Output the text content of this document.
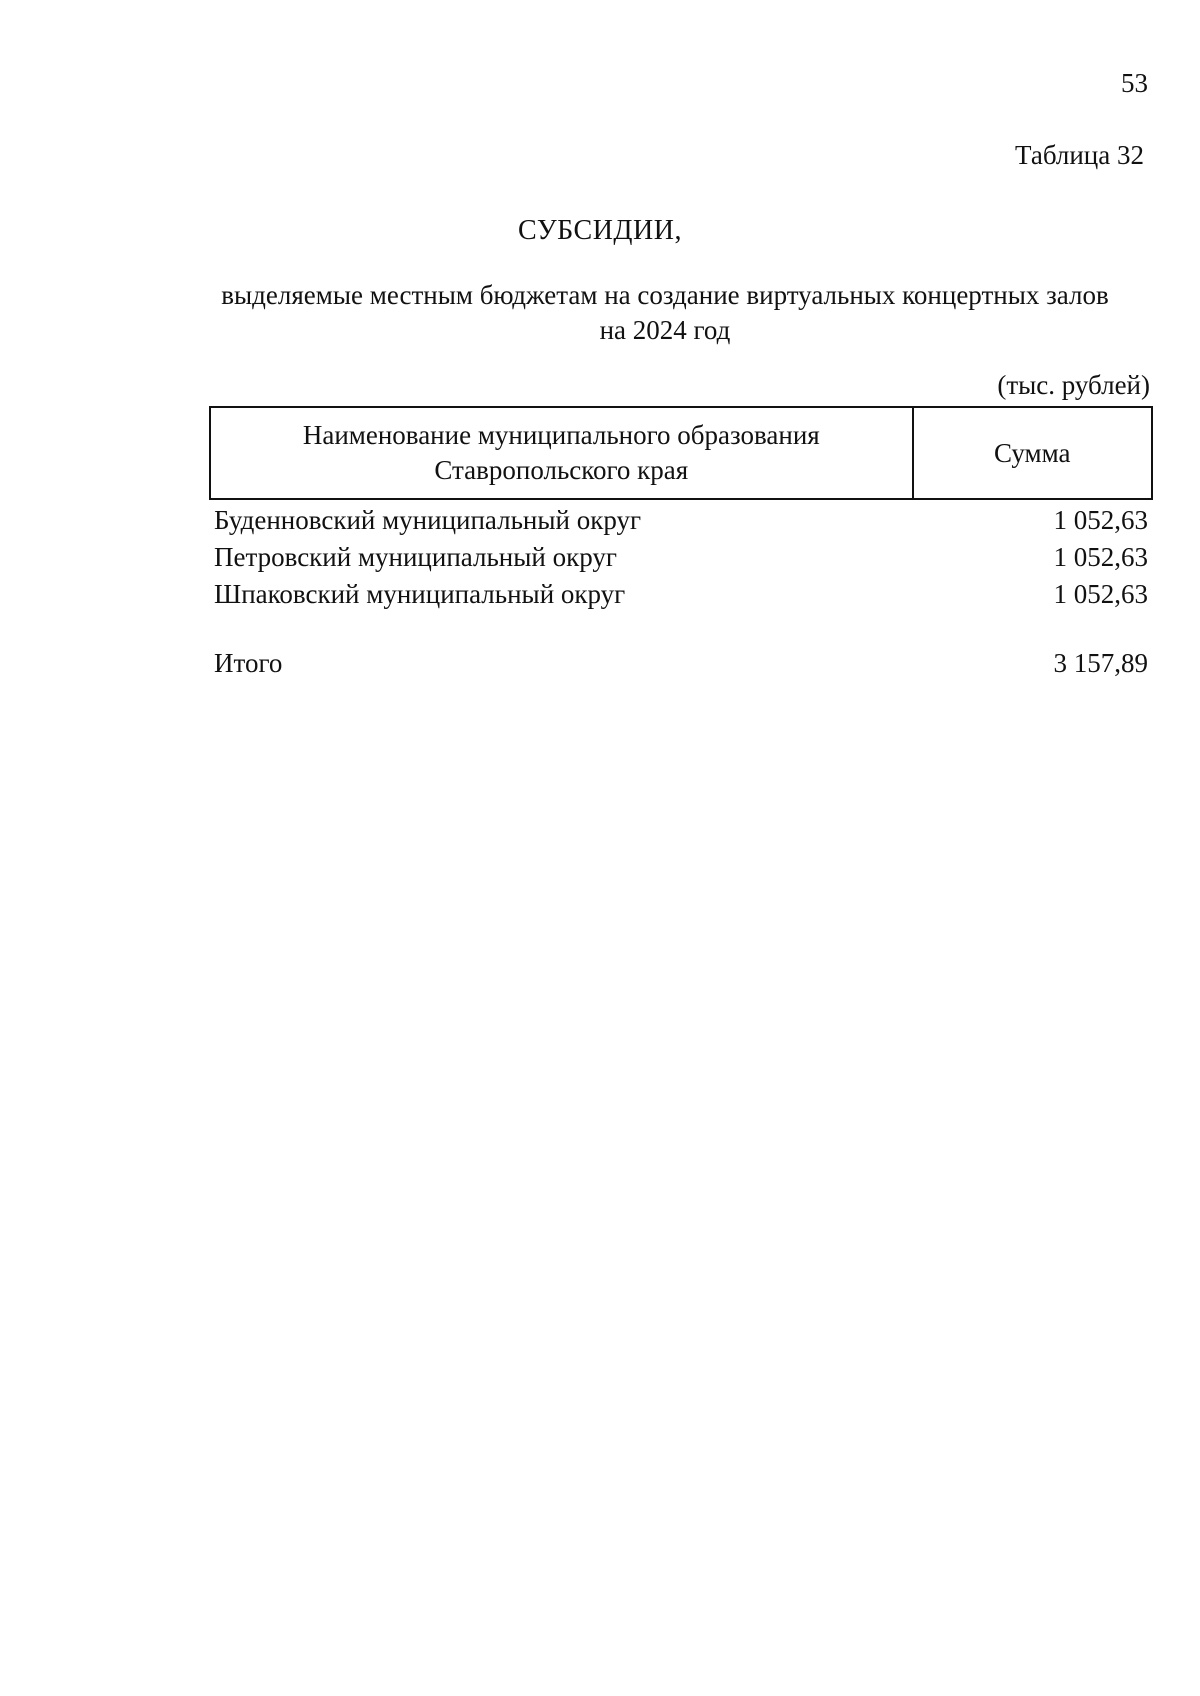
53
Таблица 32
СУБСИДИИ,
выделяемые местным бюджетам на создание виртуальных концертных залов на 2024 год
(тыс. рублей)
Наименование муниципального образования Ставропольского края	Сумма
Буденновский муниципальный округ	1 052,63
Петровский муниципальный округ	1 052,63
Шпаковский муниципальный округ	1 052,63

Итого	3 157,89
